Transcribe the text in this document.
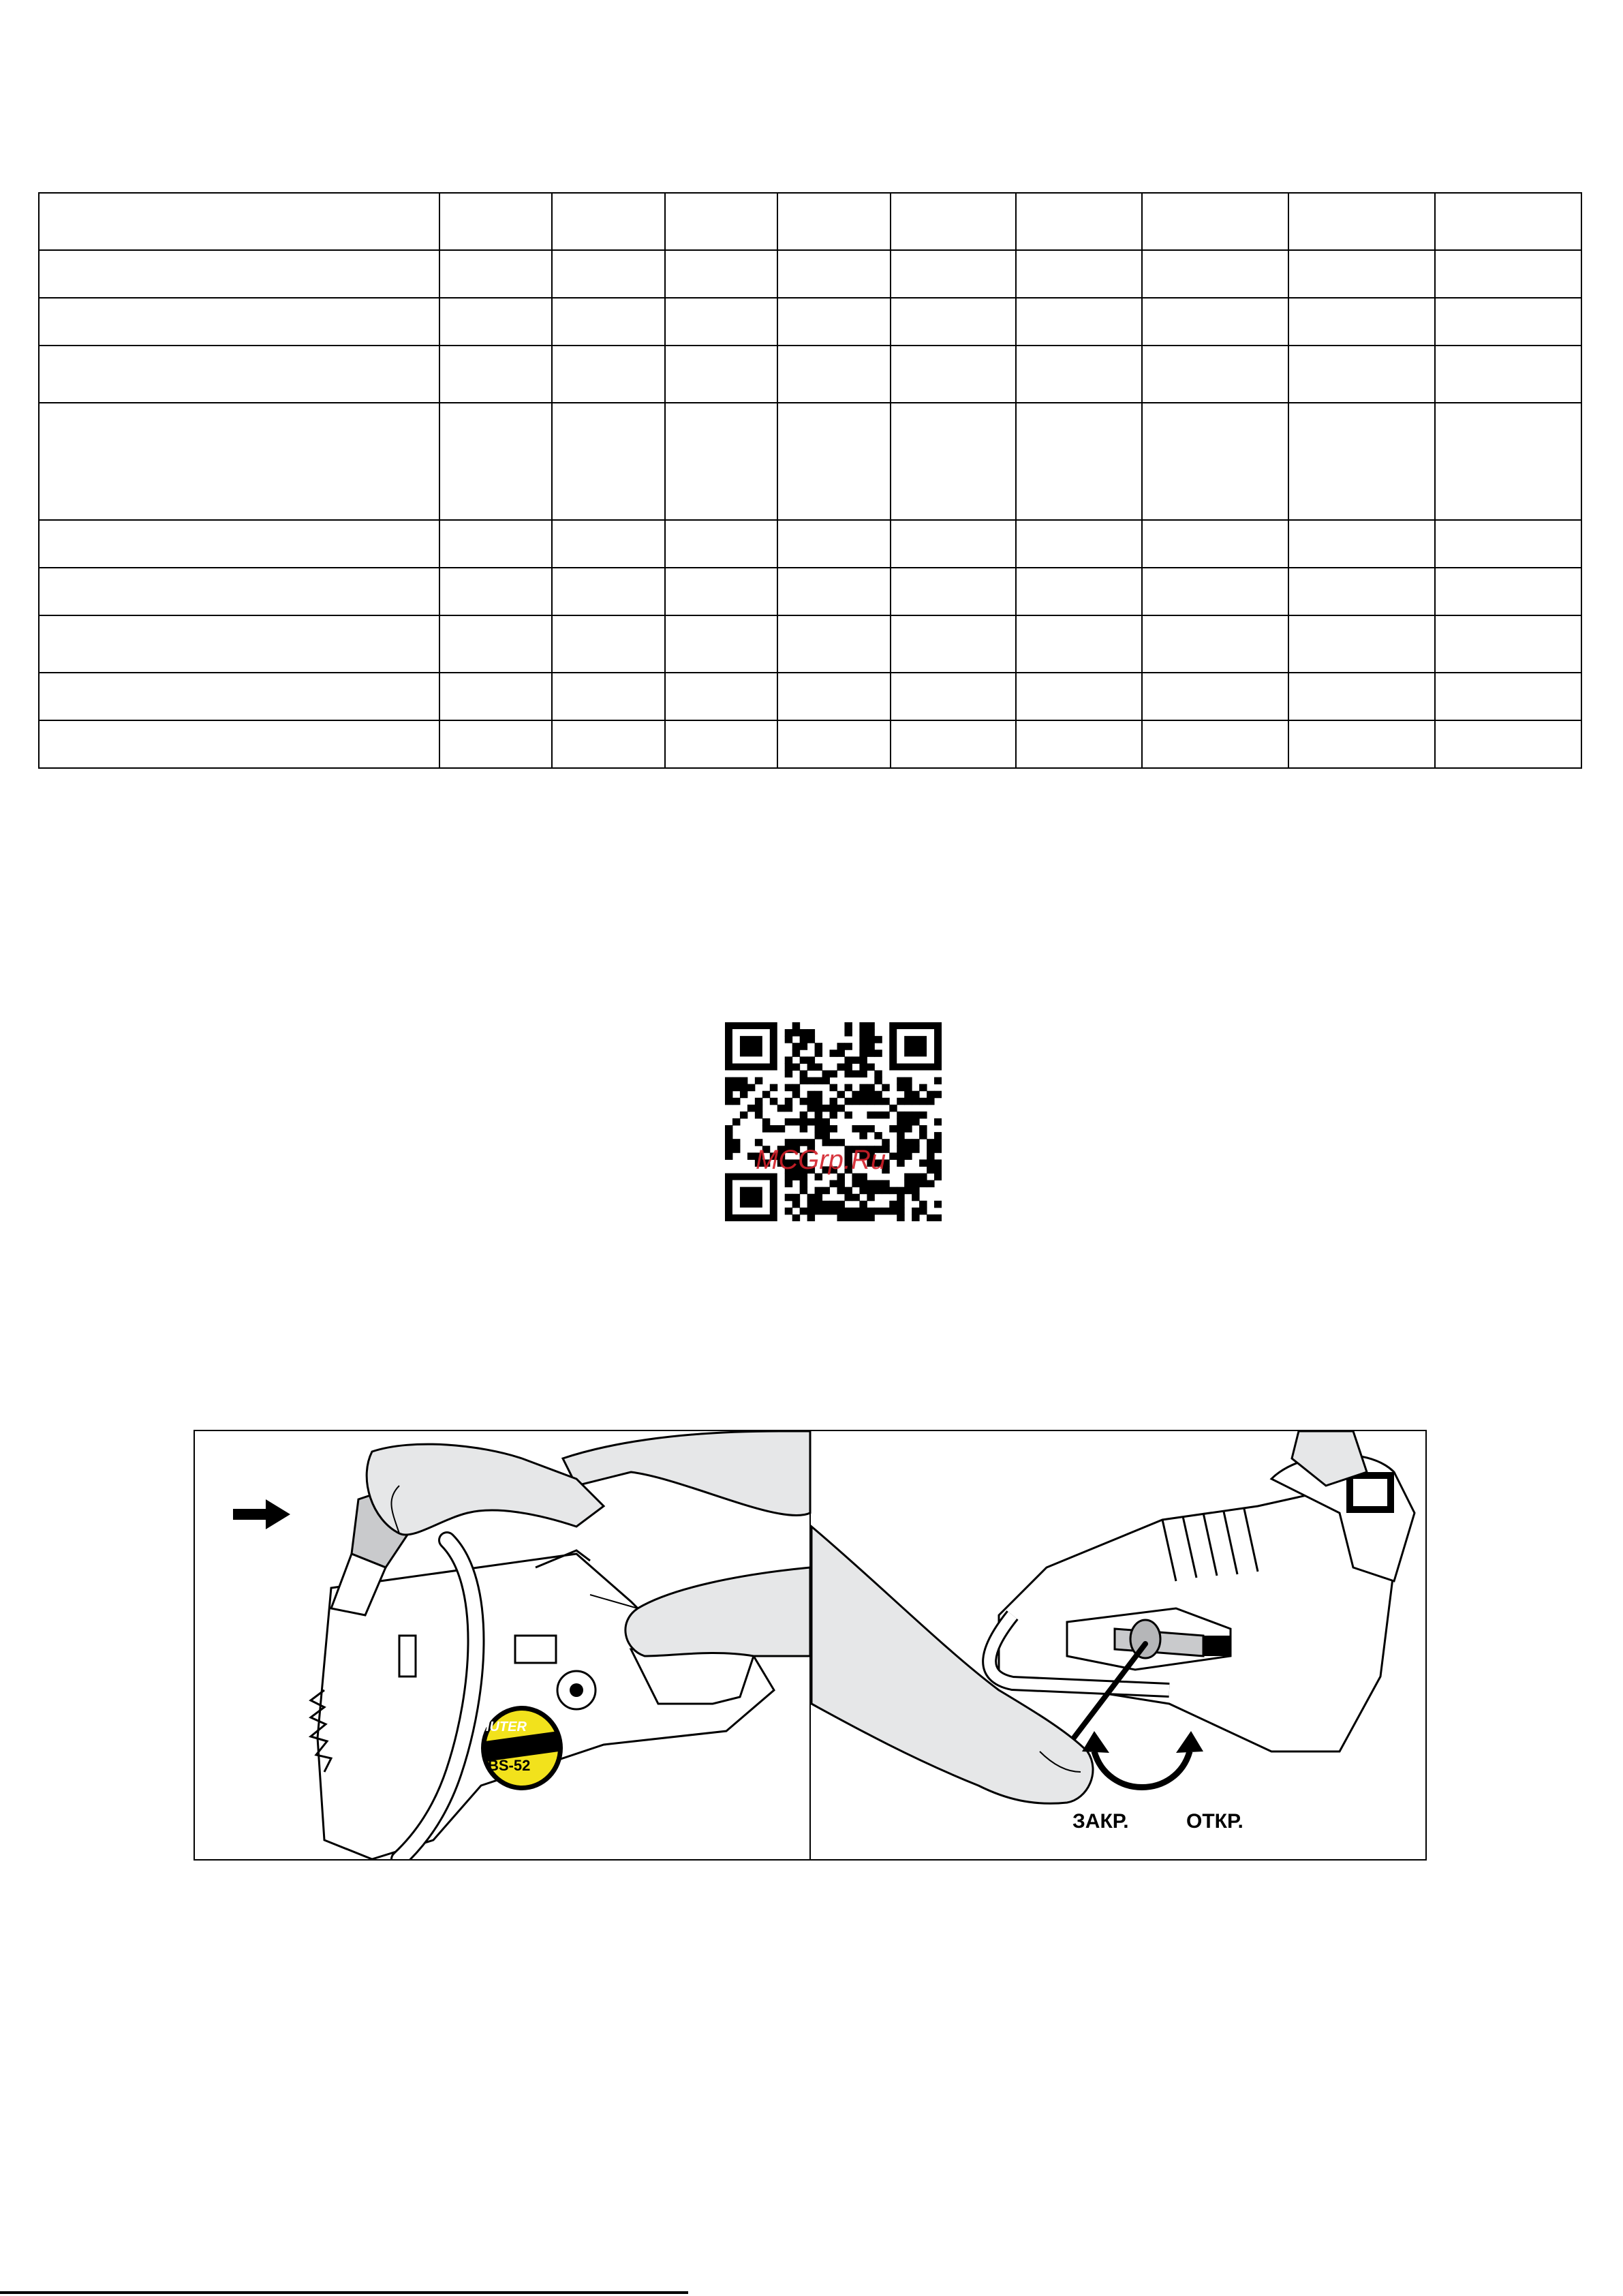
MCGrp.Ru
HUTER
BS-52
ЗАКР.	ОТКР.
